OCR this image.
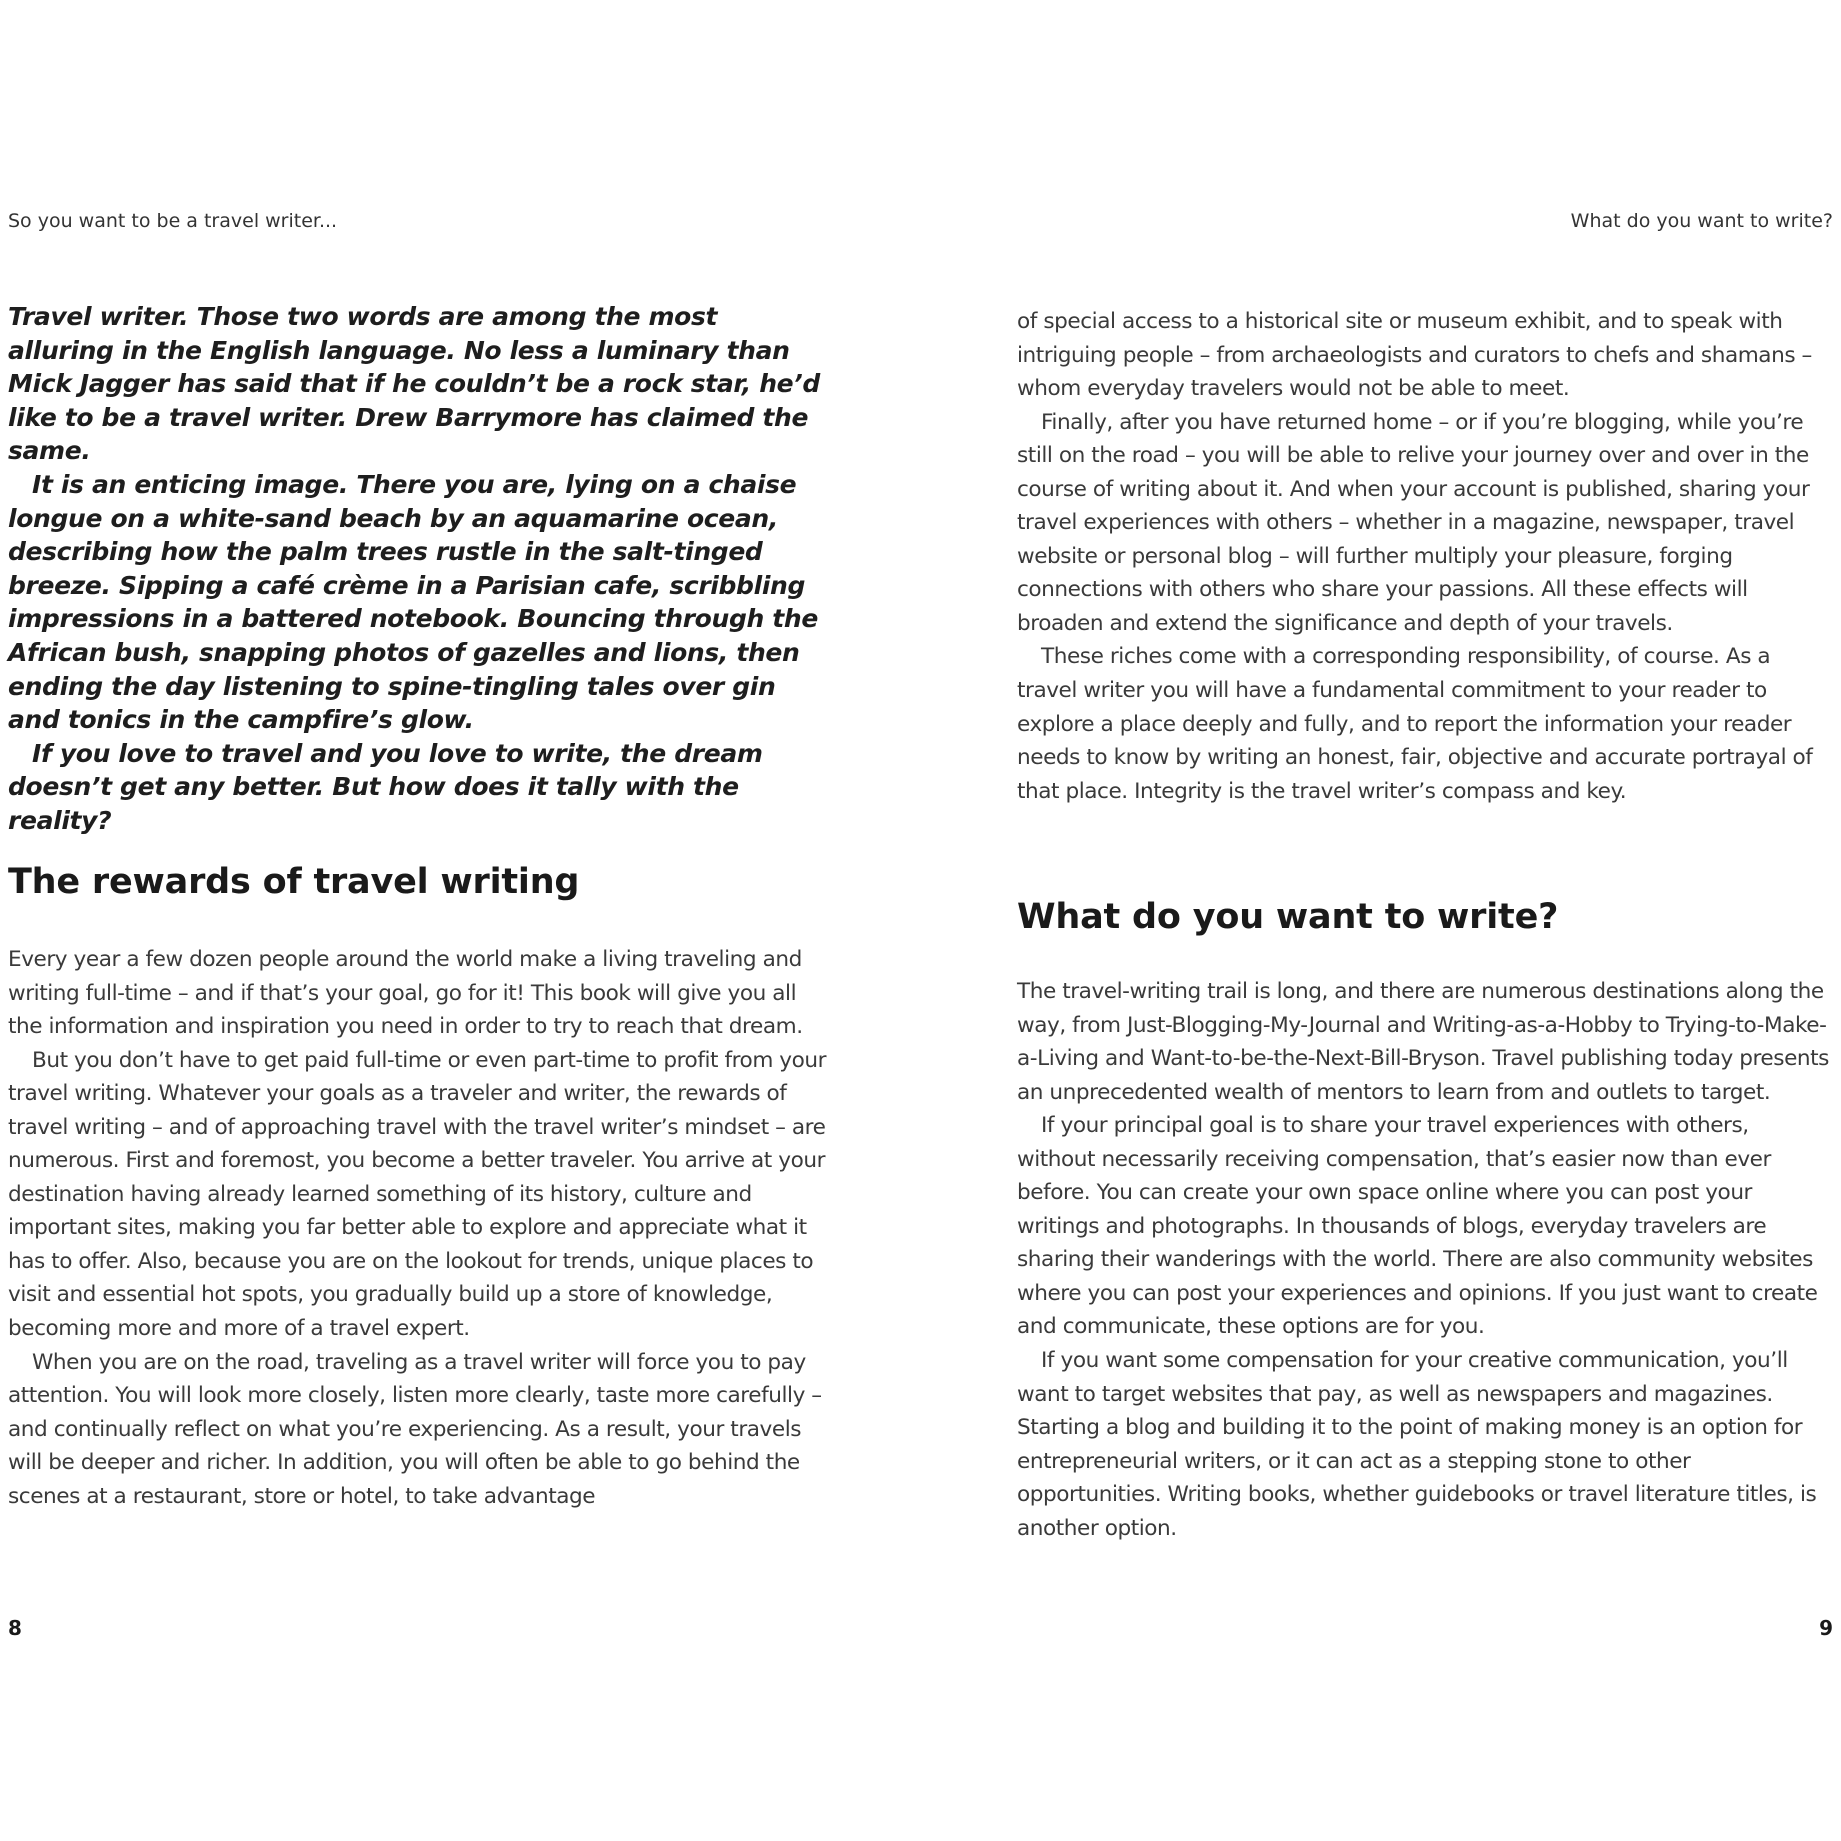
So you want to be a travel writer...

Travel writer. Those two words are among the most alluring in the English language. No less a luminary than Mick Jagger has said that if he couldn’t be a rock star, he’d like to be a travel writer. Drew Barrymore has claimed the same.

It is an enticing image. There you are, lying on a chaise longue on a white-sand beach by an aquamarine ocean, describing how the palm trees rustle in the salt-tinged breeze. Sipping a café crème in a Parisian cafe, scribbling impressions in a battered notebook. Bouncing through the African bush, snapping photos of gazelles and lions, then ending the day listening to spine-tingling tales over gin and tonics in the campfire’s glow.

If you love to travel and you love to write, the dream doesn’t get any better. But how does it tally with the reality?

The rewards of travel writing

Every year a few dozen people around the world make a living traveling and writing full-time – and if that’s your goal, go for it! This book will give you all the information and inspiration you need in order to try to reach that dream.

But you don’t have to get paid full-time or even part-time to profit from your travel writing. Whatever your goals as a traveler and writer, the rewards of travel writing – and of approaching travel with the travel writer’s mindset – are numerous. First and foremost, you become a better traveler. You arrive at your destination having already learned something of its history, culture and important sites, making you far better able to explore and appreciate what it has to offer. Also, because you are on the lookout for trends, unique places to visit and essential hot spots, you gradually build up a store of knowledge, becoming more and more of a travel expert.

When you are on the road, traveling as a travel writer will force you to pay attention. You will look more closely, listen more clearly, taste more carefully – and continually reflect on what you’re experiencing. As a result, your travels will be deeper and richer. In addition, you will often be able to go behind the scenes at a restaurant, store or hotel, to take advantage

8
What do you want to write?

of special access to a historical site or museum exhibit, and to speak with intriguing people – from archaeologists and curators to chefs and shamans – whom everyday travelers would not be able to meet.

Finally, after you have returned home – or if you’re blogging, while you’re still on the road – you will be able to relive your journey over and over in the course of writing about it. And when your account is published, sharing your travel experiences with others – whether in a magazine, newspaper, travel website or personal blog – will further multiply your pleasure, forging connections with others who share your passions. All these effects will broaden and extend the significance and depth of your travels.

These riches come with a corresponding responsibility, of course. As a travel writer you will have a fundamental commitment to your reader to explore a place deeply and fully, and to report the information your reader needs to know by writing an honest, fair, objective and accurate portrayal of that place. Integrity is the travel writer’s compass and key.

What do you want to write?

The travel-writing trail is long, and there are numerous destinations along the way, from Just-Blogging-My-Journal and Writing-as-a-Hobby to Trying-to-Make-a-Living and Want-to-be-the-Next-Bill-Bryson. Travel publishing today presents an unprecedented wealth of mentors to learn from and outlets to target.

If your principal goal is to share your travel experiences with others, without necessarily receiving compensation, that’s easier now than ever before. You can create your own space online where you can post your writings and photographs. In thousands of blogs, everyday travelers are sharing their wanderings with the world. There are also community websites where you can post your experiences and opinions. If you just want to create and communicate, these options are for you.

If you want some compensation for your creative communication, you’ll want to target websites that pay, as well as newspapers and magazines. Starting a blog and building it to the point of making money is an option for entrepreneurial writers, or it can act as a stepping stone to other opportunities. Writing books, whether guidebooks or travel literature titles, is another option.

9
